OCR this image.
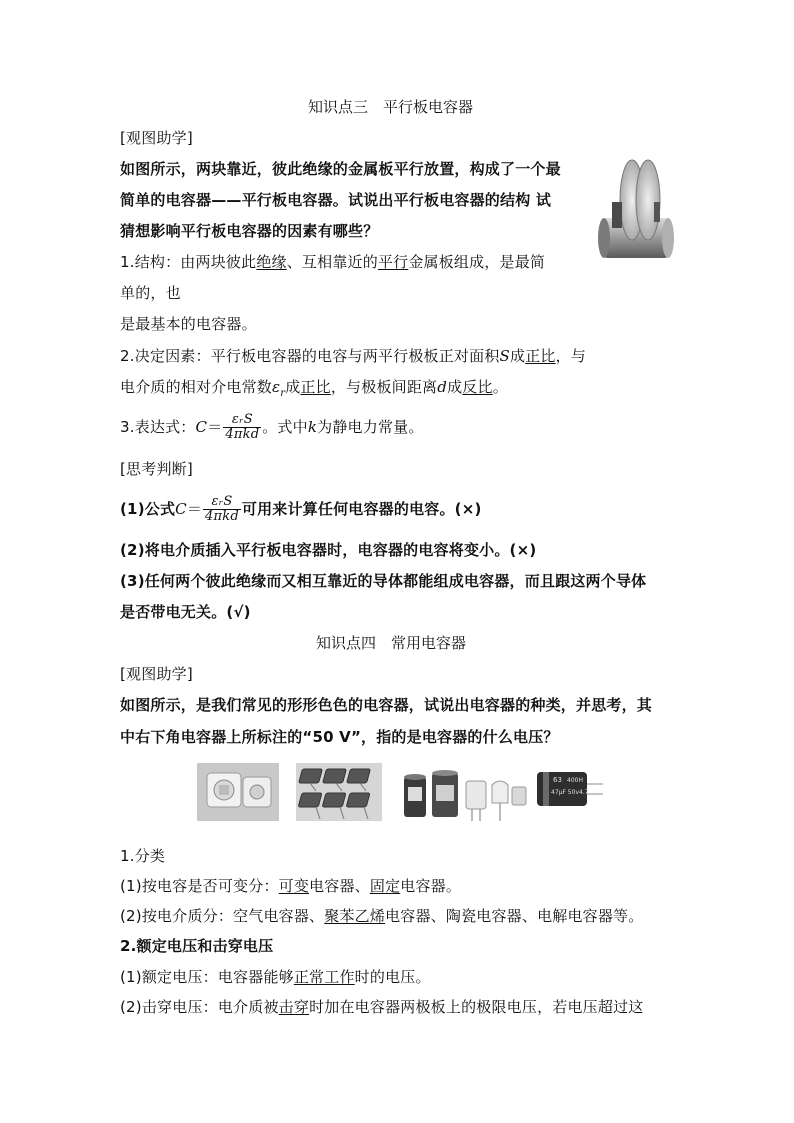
知识点三　平行板电容器
[观图助学]
如图所示，两块靠近，彼此绝缘的金属板平行放置，构成了一个最
简单的电容器——平行板电容器。试说出平行板电容器的结构 试
猜想影响平行板电容器的因素有哪些？
1.结构：由两块彼此绝缘、互相靠近的平行金属板组成，是最简
单的，也
是最基本的电容器。
2.决定因素：平行板电容器的电容与两平行极板正对面积S成正比，与
电介质的相对介电常数$\varepsilon_r$成正比，与极板间距离d成反比。
3.表达式：$C= \frac{\text{εᵣS}}{\text{4πkd}}$ 。式中k为静电力常量。
[思考判断]
(1)公式$C= \frac{\text{εᵣS}}{\text{4πkd}}$ 可用来计算任何电容器的电容。(×)
(2)将电介质插入平行板电容器时，电容器的电容将变小。(×)
(3)任何两个彼此绝缘而又相互靠近的导体都能组成电容器，而且跟这两个导体
是否带电无关。(√)
知识点四　常用电容器
[观图助学]
如图所示，是我们常见的形形色色的电容器，试说出电容器的种类，并思考，其
中右下角电容器上所标注的“50 V”，指的是电容器的什么电压？
63 400H
47μF 50v4.7
1.分类
(1)按电容是否可变分：可变电容器、固定电容器。
(2)按电介质分：空气电容器、聚苯乙烯电容器、陶瓷电容器、电解电容器等。
2.额定电压和击穿电压
(1)额定电压：电容器能够正常工作时的电压。
(2)击穿电压：电介质被击穿时加在电容器两极板上的极限电压，若电压超过这
